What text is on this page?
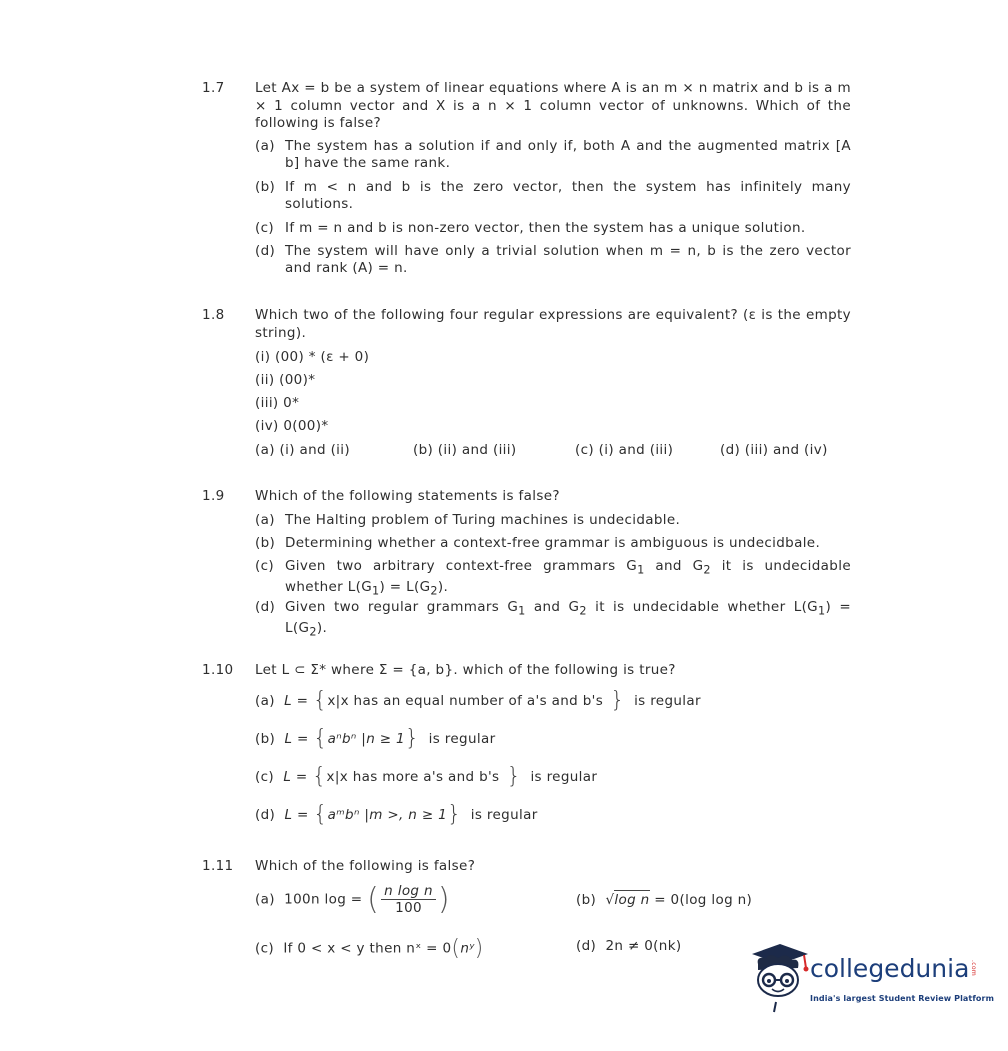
1.7 Let Ax = b be a system of linear equations where A is an m × n matrix and b is a m × 1 column vector and X is a n × 1 column vector of unknowns. Which of the following is false?
(a) The system has a solution if and only if, both A and the augmented matrix [A b] have the same rank.
(b) If m < n and b is the zero vector, then the system has infinitely many solutions.
(c) If m = n and b is non-zero vector, then the system has a unique solution.
(d) The system will have only a trivial solution when m = n, b is the zero vector and rank (A) = n.
1.8 Which two of the following four regular expressions are equivalent? (ε is the empty string).
(i) (00) * (ε + 0)
(ii) (00)*
(iii) 0*
(iv) 0(00)*
(a) (i) and (ii)	(b) (ii) and (iii)	(c) (i) and (iii)	(d) (iii) and (iv)
1.9 Which of the following statements is false?
(a) The Halting problem of Turing machines is undecidable.
(b) Determining whether a context-free grammar is ambiguous is undecidbale.
(c) Given two arbitrary context-free grammars $G_1$ and $G_2$ it is undecidable whether $L(G_1) = L(G_2)$.
(d) Given two regular grammars $G_1$ and $G_2$ it is undecidable whether $L(G_1) = L(G_2)$.
1.10 Let L ⊂ Σ* where Σ = {a, b}. which of the following is true?
(a) L = {x|x has an equal number of a's and b's } is regular
(b) L = {aⁿbⁿ |n ≥ 1} is regular
(c) L = {x|x has more a's and b's } is regular
(d) L = {aᵐbⁿ |m >, n ≥ 1} is regular
1.11 Which of the following is false?
(a) 100n log = ( $\frac{\text{n log n}}{100}$ )	(b) √log n = 0(log log n)
(c) If 0 < x < y then nˣ = 0(nʸ)	(d) 2n ≠ 0(nk)
collegedunia .com
India's largest Student Review Platform
